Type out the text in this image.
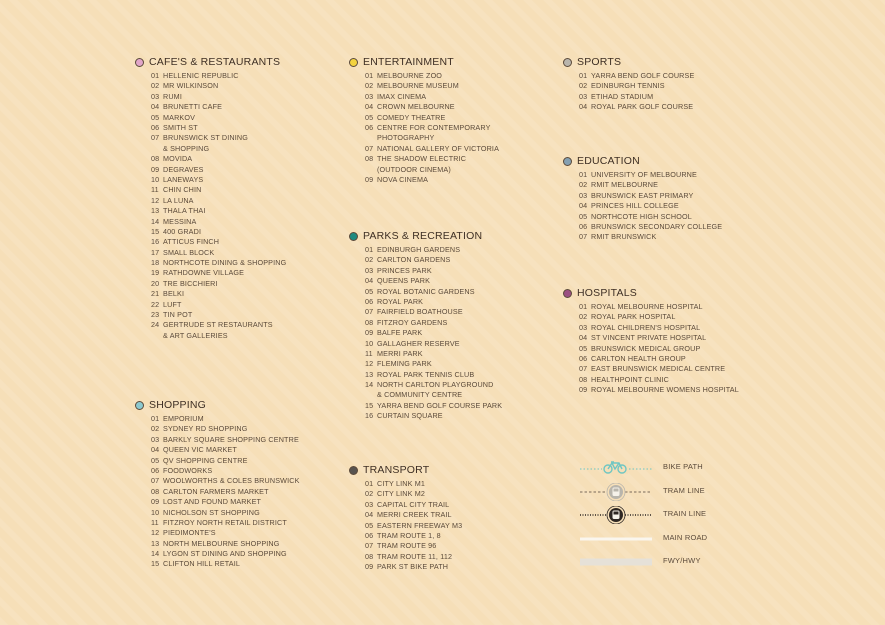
CAFE'S & RESTAURANTS
01 HELLENIC REPUBLIC
02 MR WILKINSON
03 RUMI
04 BRUNETTI CAFE
05 MARKOV
06 SMITH ST
07 BRUNSWICK ST DINING
& SHOPPING
08 MOVIDA
09 DEGRAVES
10 LANEWAYS
11 CHIN CHIN
12 LA LUNA
13 THALA THAI
14 MESSINA
15 400 GRADI
16 ATTICUS FINCH
17 SMALL BLOCK
18 NORTHCOTE DINING & SHOPPING
19 RATHDOWNE VILLAGE
20 TRE BICCHIERI
21 BELKI
22 LUFT
23 TIN POT
24 GERTRUDE ST RESTAURANTS
& ART GALLERIES
SHOPPING
01 EMPORIUM
02 SYDNEY RD SHOPPING
03 BARKLY SQUARE SHOPPING CENTRE
04 QUEEN VIC MARKET
05 QV SHOPPING CENTRE
06 FOODWORKS
07 WOOLWORTHS & COLES BRUNSWICK
08 CARLTON FARMERS MARKET
09 LOST AND FOUND MARKET
10 NICHOLSON ST SHOPPING
11 FITZROY NORTH RETAIL DISTRICT
12 PIEDIMONTE'S
13 NORTH MELBOURNE SHOPPING
14 LYGON ST DINING AND SHOPPING
15 CLIFTON HILL RETAIL
ENTERTAINMENT
01 MELBOURNE ZOO
02 MELBOURNE MUSEUM
03 IMAX CINEMA
04 CROWN MELBOURNE
05 COMEDY THEATRE
06 CENTRE FOR CONTEMPORARY
PHOTOGRAPHY
07 NATIONAL GALLERY OF VICTORIA
08 THE SHADOW ELECTRIC
(OUTDOOR CINEMA)
09 NOVA CINEMA
PARKS & RECREATION
01 EDINBURGH GARDENS
02 CARLTON GARDENS
03 PRINCES PARK
04 QUEENS PARK
05 ROYAL BOTANIC GARDENS
06 ROYAL PARK
07 FAIRFIELD BOATHOUSE
08 FITZROY GARDENS
09 BALFE PARK
10 GALLAGHER RESERVE
11 MERRI PARK
12 FLEMING PARK
13 ROYAL PARK TENNIS CLUB
14 NORTH CARLTON PLAYGROUND
& COMMUNITY CENTRE
15 YARRA BEND GOLF COURSE PARK
16 CURTAIN SQUARE
TRANSPORT
01 CITY LINK M1
02 CITY LINK M2
03 CAPITAL CITY TRAIL
04 MERRI CREEK TRAIL
05 EASTERN FREEWAY M3
06 TRAM ROUTE 1, 8
07 TRAM ROUTE 96
08 TRAM ROUTE 11, 112
09 PARK ST BIKE PATH
SPORTS
01 YARRA BEND GOLF COURSE
02 EDINBURGH TENNIS
03 ETIHAD STADIUM
04 ROYAL PARK GOLF COURSE
EDUCATION
01 UNIVERSITY OF MELBOURNE
02 RMIT MELBOURNE
03 BRUNSWICK EAST PRIMARY
04 PRINCES HILL COLLEGE
05 NORTHCOTE HIGH SCHOOL
06 BRUNSWICK SECONDARY COLLEGE
07 RMIT BRUNSWICK
HOSPITALS
01 ROYAL MELBOURNE HOSPITAL
02 ROYAL PARK HOSPITAL
03 ROYAL CHILDREN'S HOSPITAL
04 ST VINCENT PRIVATE HOSPITAL
05 BRUNSWICK MEDICAL GROUP
06 CARLTON HEALTH GROUP
07 EAST BRUNSWICK MEDICAL CENTRE
08 HEALTHPOINT CLINIC
09 ROYAL MELBOURNE WOMENS HOSPITAL
BIKE PATH
TRAM LINE
TRAIN LINE
MAIN ROAD
FWY/HWY
